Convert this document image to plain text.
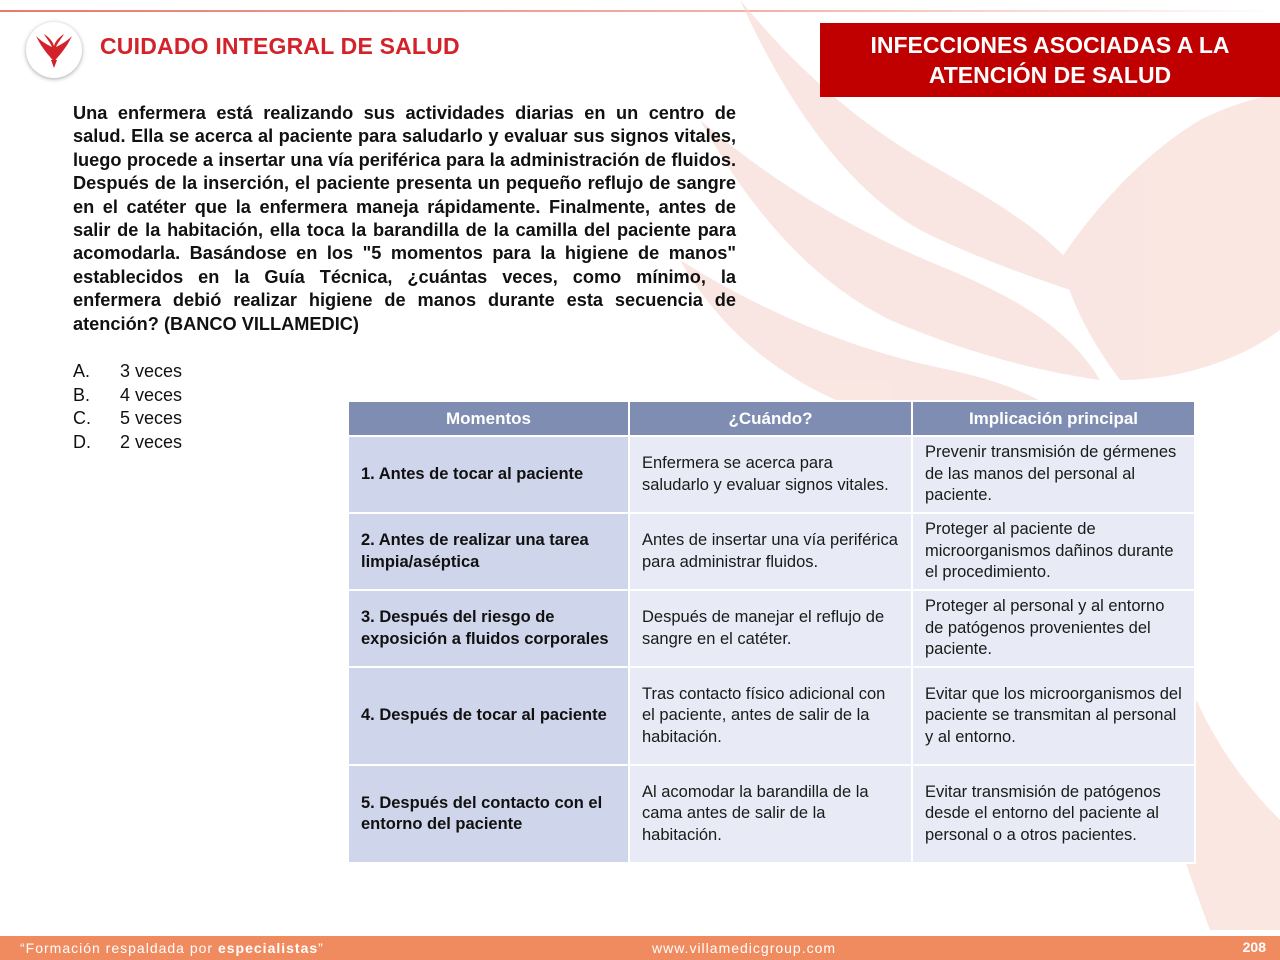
CUIDADO INTEGRAL DE SALUD	INFECCIONES ASOCIADAS A LA
ATENCIÓN DE SALUD

Una enfermera está realizando sus actividades diarias en un centro de salud. Ella se acerca al paciente para saludarlo y evaluar sus signos vitales, luego procede a insertar una vía periférica para la administración de fluidos. Después de la inserción, el paciente presenta un pequeño reflujo de sangre en el catéter que la enfermera maneja rápidamente. Finalmente, antes de salir de la habitación, ella toca la barandilla de la camilla del paciente para acomodarla. Basándose en los "5 momentos para la higiene de manos" establecidos en la Guía Técnica, ¿cuántas veces, como mínimo, la enfermera debió realizar higiene de manos durante esta secuencia de atención? (BANCO VILLAMEDIC)

A.	3 veces
B.	4 veces
C.	5 veces
D.	2 veces
Momentos	¿Cuándo?	Implicación principal
1. Antes de tocar al paciente	Enfermera se acerca para saludarlo y evaluar signos vitales.	Prevenir transmisión de gérmenes de las manos del personal al paciente.
2. Antes de realizar una tarea limpia/aséptica	Antes de insertar una vía periférica para administrar fluidos.	Proteger al paciente de microorganismos dañinos durante el procedimiento.
3. Después del riesgo de exposición a fluidos corporales	Después de manejar el reflujo de sangre en el catéter.	Proteger al personal y al entorno de patógenos provenientes del paciente.
4. Después de tocar al paciente	Tras contacto físico adicional con el paciente, antes de salir de la habitación.	Evitar que los microorganismos del paciente se transmitan al personal y al entorno.
5. Después del contacto con el entorno del paciente	Al acomodar la barandilla de la cama antes de salir de la habitación.	Evitar transmisión de patógenos desde el entorno del paciente al personal o a otros pacientes.
“Formación respaldada por especialistas”	www.villamedicgroup.com	208
